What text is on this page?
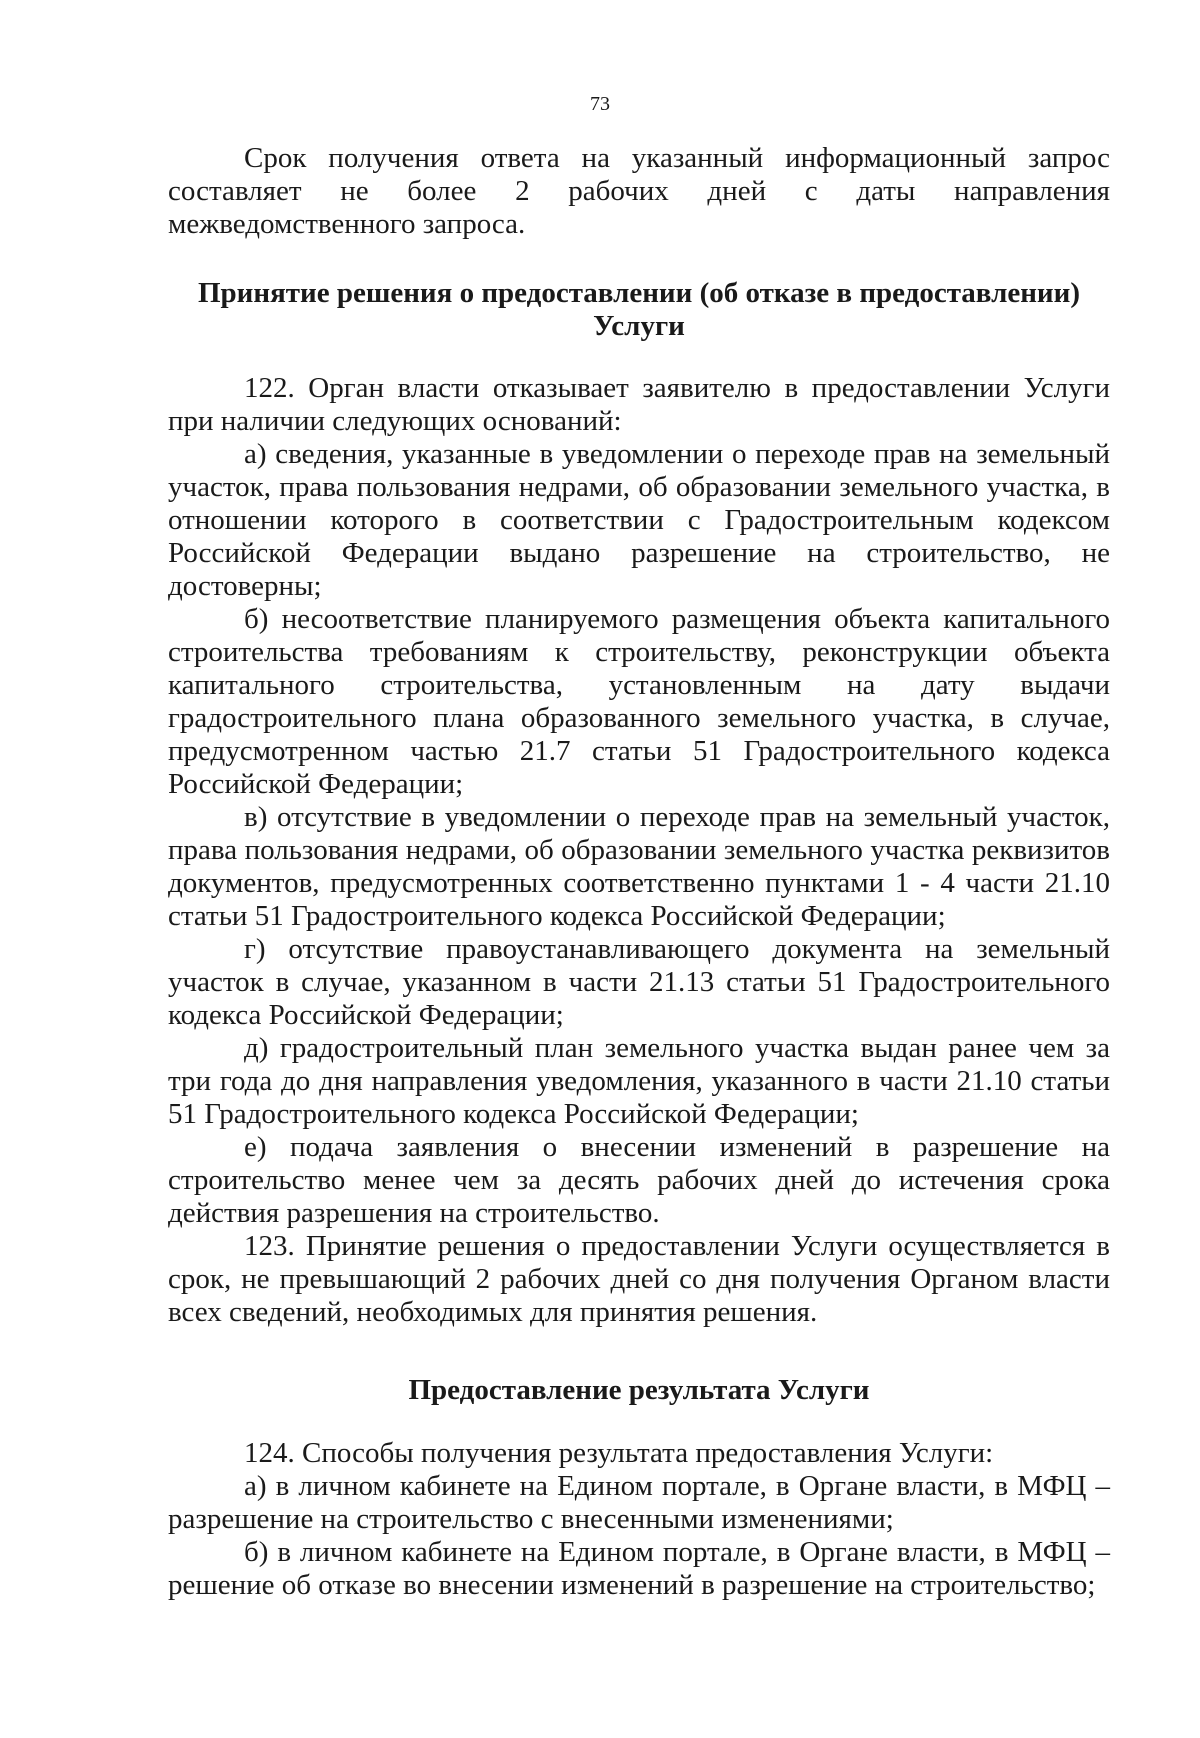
73

Срок получения ответа на указанный информационный запрос составляет не более 2 рабочих дней с даты направления межведомственного запроса.

Принятие решения о предоставлении (об отказе в предоставлении) Услуги

122. Орган власти отказывает заявителю в предоставлении Услуги при наличии следующих оснований:

а) сведения, указанные в уведомлении о переходе прав на земельный участок, права пользования недрами, об образовании земельного участка, в отношении которого в соответствии с Градостроительным кодексом Российской Федерации выдано разрешение на строительство, не достоверны;

б) несоответствие планируемого размещения объекта капитального строительства требованиям к строительству, реконструкции объекта капитального строительства, установленным на дату выдачи градостроительного плана образованного земельного участка, в случае, предусмотренном частью 21.7 статьи 51 Градостроительного кодекса Российской Федерации;

в) отсутствие в уведомлении о переходе прав на земельный участок, права пользования недрами, об образовании земельного участка реквизитов документов, предусмотренных соответственно пунктами 1 - 4 части 21.10 статьи 51 Градостроительного кодекса Российской Федерации;

г) отсутствие правоустанавливающего документа на земельный участок в случае, указанном в части 21.13 статьи 51 Градостроительного кодекса Российской Федерации;

д) градостроительный план земельного участка выдан ранее чем за три года до дня направления уведомления, указанного в части 21.10 статьи 51 Градостроительного кодекса Российской Федерации;

е) подача заявления о внесении изменений в разрешение на строительство менее чем за десять рабочих дней до истечения срока действия разрешения на строительство.

123. Принятие решения о предоставлении Услуги осуществляется в срок, не превышающий 2 рабочих дней со дня получения Органом власти всех сведений, необходимых для принятия решения.

Предоставление результата Услуги

124. Способы получения результата предоставления Услуги:

а) в личном кабинете на Едином портале, в Органе власти, в МФЦ – разрешение на строительство с внесенными изменениями;

б) в личном кабинете на Едином портале, в Органе власти, в МФЦ – решение об отказе во внесении изменений в разрешение на строительство;
